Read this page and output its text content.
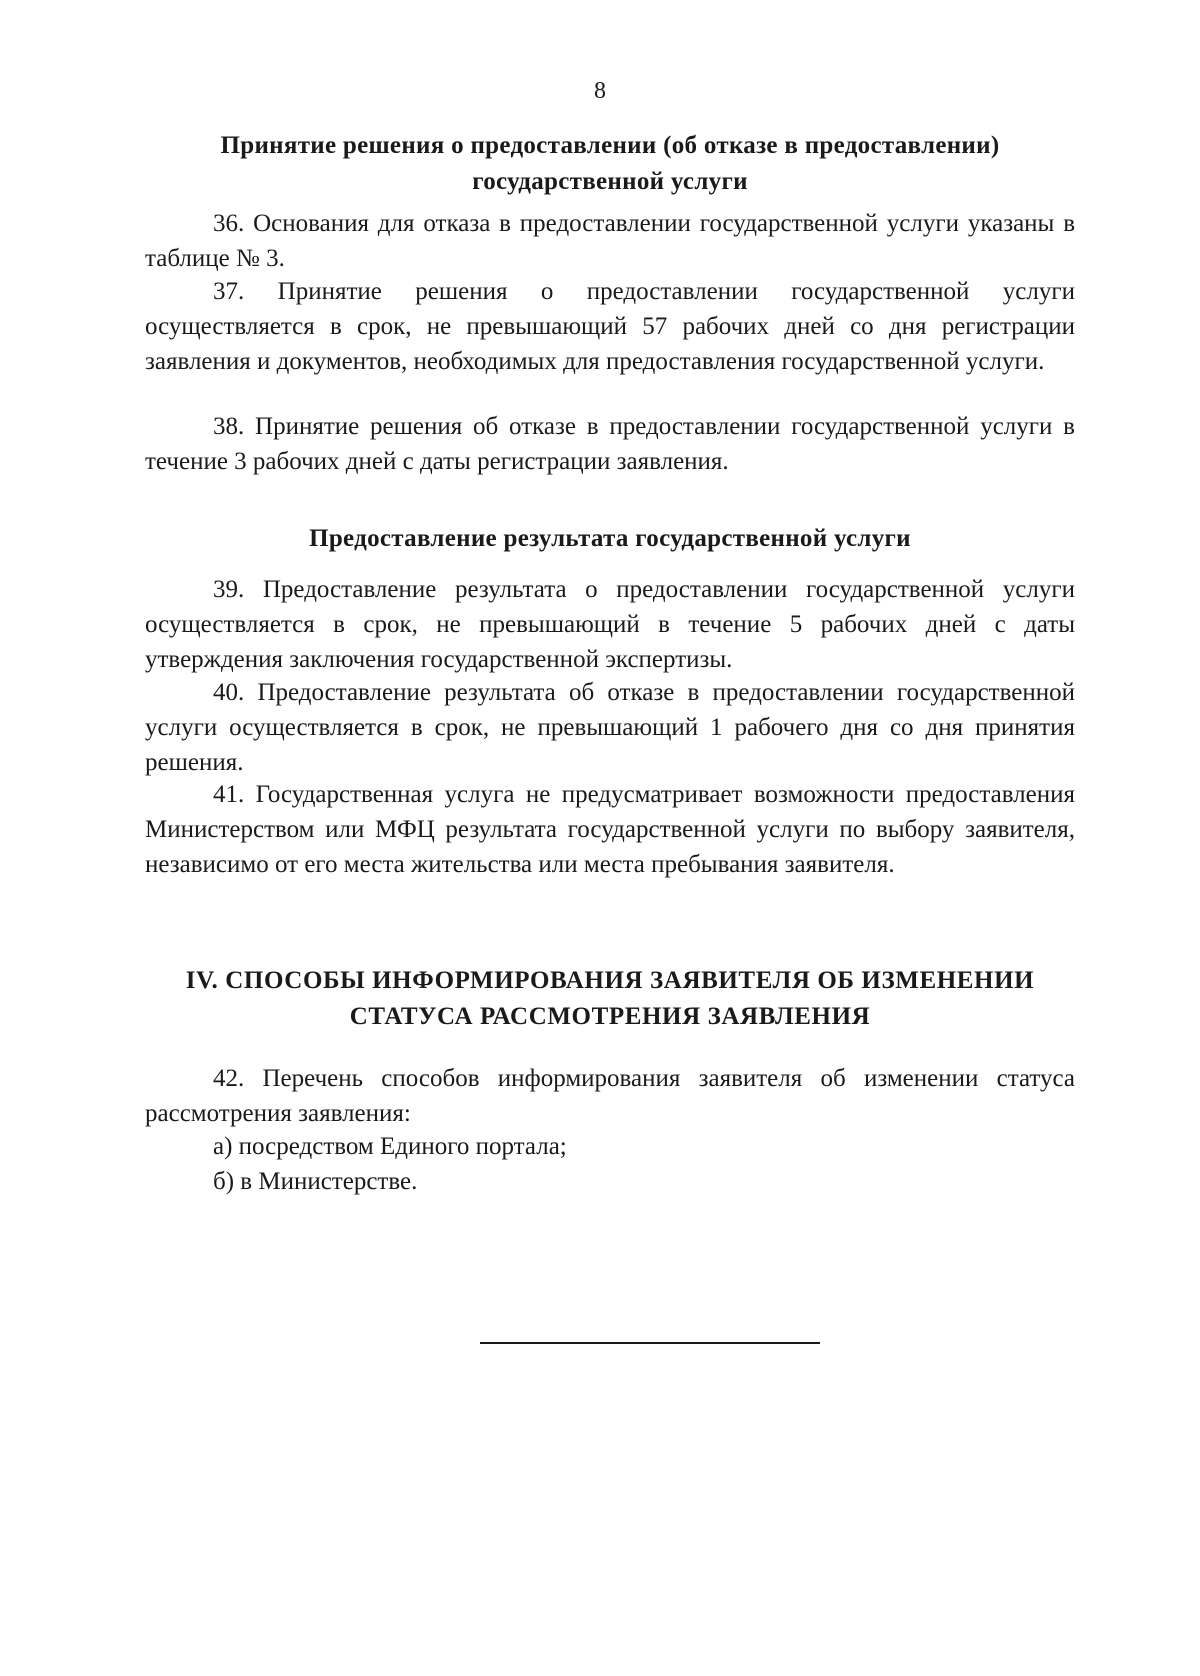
8
Принятие решения о предоставлении (об отказе в предоставлении) государственной услуги
36. Основания для отказа в предоставлении государственной услуги указаны в таблице № 3.
37. Принятие решения о предоставлении государственной услуги осуществляется в срок, не превышающий 57 рабочих дней со дня регистрации заявления и документов, необходимых для предоставления государственной услуги.
38. Принятие решения об отказе в предоставлении государственной услуги в течение 3 рабочих дней с даты регистрации заявления.
Предоставление результата государственной услуги
39. Предоставление результата о предоставлении государственной услуги осуществляется в срок, не превышающий в течение 5 рабочих дней с даты утверждения заключения государственной экспертизы.
40. Предоставление результата об отказе в предоставлении государственной услуги осуществляется в срок, не превышающий 1 рабочего дня со дня принятия решения.
41. Государственная услуга не предусматривает возможности предоставления Министерством или МФЦ результата государственной услуги по выбору заявителя, независимо от его места жительства или места пребывания заявителя.
IV. СПОСОБЫ ИНФОРМИРОВАНИЯ ЗАЯВИТЕЛЯ ОБ ИЗМЕНЕНИИ СТАТУСА РАССМОТРЕНИЯ ЗАЯВЛЕНИЯ
42. Перечень способов информирования заявителя об изменении статуса рассмотрения заявления:
а) посредством Единого портала;
б) в Министерстве.
